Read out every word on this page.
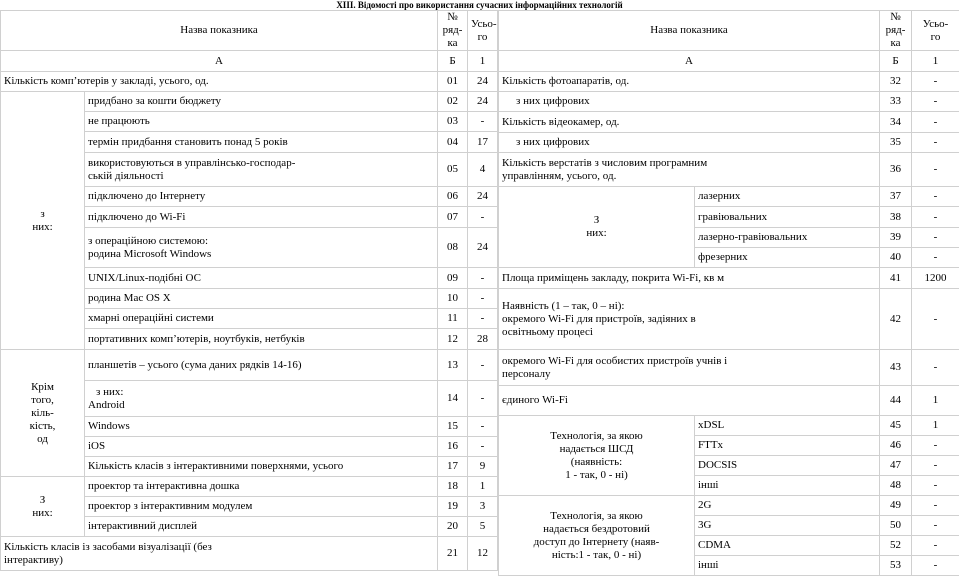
XIII. Відомості про використання сучасних інформаційних технологій
Назва показника		№
ряд-
ка	Усьо-
го
А		Б	1
Кількість комп’ютерів у закладі, усього, од.		01	24
з
них:	придбано за кошти бюджету	02	24
	не працюють	03	-
	термін придбання становить понад 5 років	04	17
	використовуються в управлінсько-господар-
ській діяльності	05	4
	підключено до Інтернету	06	24
	підключено до Wi-Fi	07	-
	з операційною системою:
родина Microsoft Windows	08	24
	UNIX/Linux-подібні ОС	09	-
	родина Mac OS X	10	-
	хмарні операційні системи	11	-
	портативних комп’ютерів, ноутбуків, нетбуків	12	28
Крім
того,
кіль-
кість,
од	планшетів – усього (сума даних рядків 14-16)	13	-
	з них:
Android	14	-
	Windows	15	-
	iOS	16	-
	Кількість класів з інтерактивними поверхнями, усього	17	9
З
них:	проектор та інтерактивна дошка	18	1
	проектор з інтерактивним модулем	19	3
	інтерактивний дисплей	20	5
Кількість класів із засобами візуалізації (без
інтерактиву)		21	12
Назва показника		№
ряд-
ка	Усьо-
го
А		Б	1
Кількість фотоапаратів, од.		32	-
з них цифрових		33	-
Кількість відеокамер, од.		34	-
з них цифрових		35	-
Кількість верстатів з числовим програмним
управлінням, усього, од.		36	-
З
них:	лазерних	37	-
	гравіювальних	38	-
	лазерно-гравіювальних	39	-
	фрезерних	40	-
Площа приміщень закладу, покрита Wi-Fi, кв м		41	1200
Наявність (1 – так, 0 – ні):
окремого Wi-Fi для пристроїв, задіяних в
освітньому процесі		42	-
окремого Wi-Fi для особистих пристроїв учнів і
персоналу		43	-
єдиного Wi-Fi		44	1
Технологія, за якою
надається ШСД
(наявність:
1 - так, 0 - ні)	xDSL	45	1
	FTTx	46	-
	DOCSIS	47	-
	інші	48	-
Технологія, за якою
надається бездротовий
доступ до Інтернету (наяв-
ність:1 - так, 0 - ні)	2G	49	-
	3G	50	-
	CDMA	52	-
	інші	53	-
